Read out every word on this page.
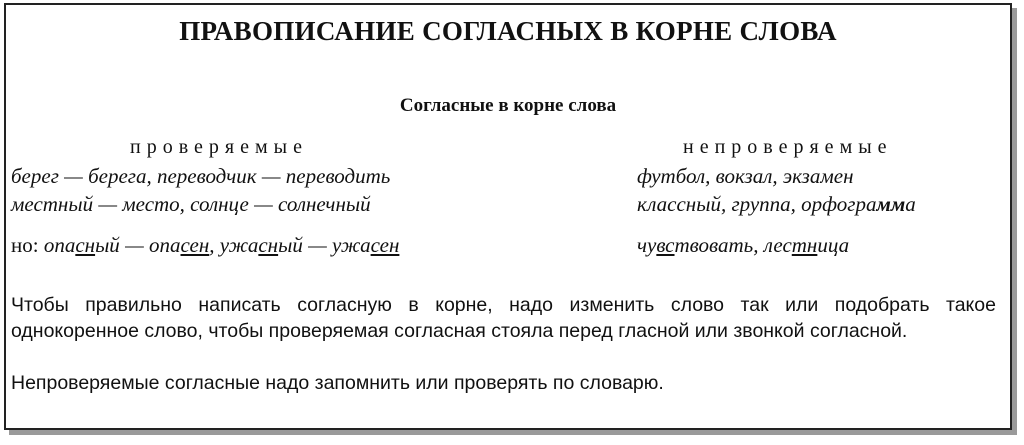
ПРАВОПИСАНИЕ СОГЛАСНЫХ В КОРНЕ СЛОВА
Согласные в корне слова
проверяемые	непроверяемые
берег — берега, переводчик — переводить
местный — место, солнце — солнечный
но: опасный — опасен, ужасный — ужасен
футбол, вокзал, экзамен
классный, группа, орфограмма
чувствовать, лестница
Чтобы правильно написать согласную в корне, надо изменить слово так или подобрать такое однокоренное слово, чтобы проверяемая согласная стояла перед гласной или звонкой согласной.
Непроверяемые согласные надо запомнить или проверять по словарю.
